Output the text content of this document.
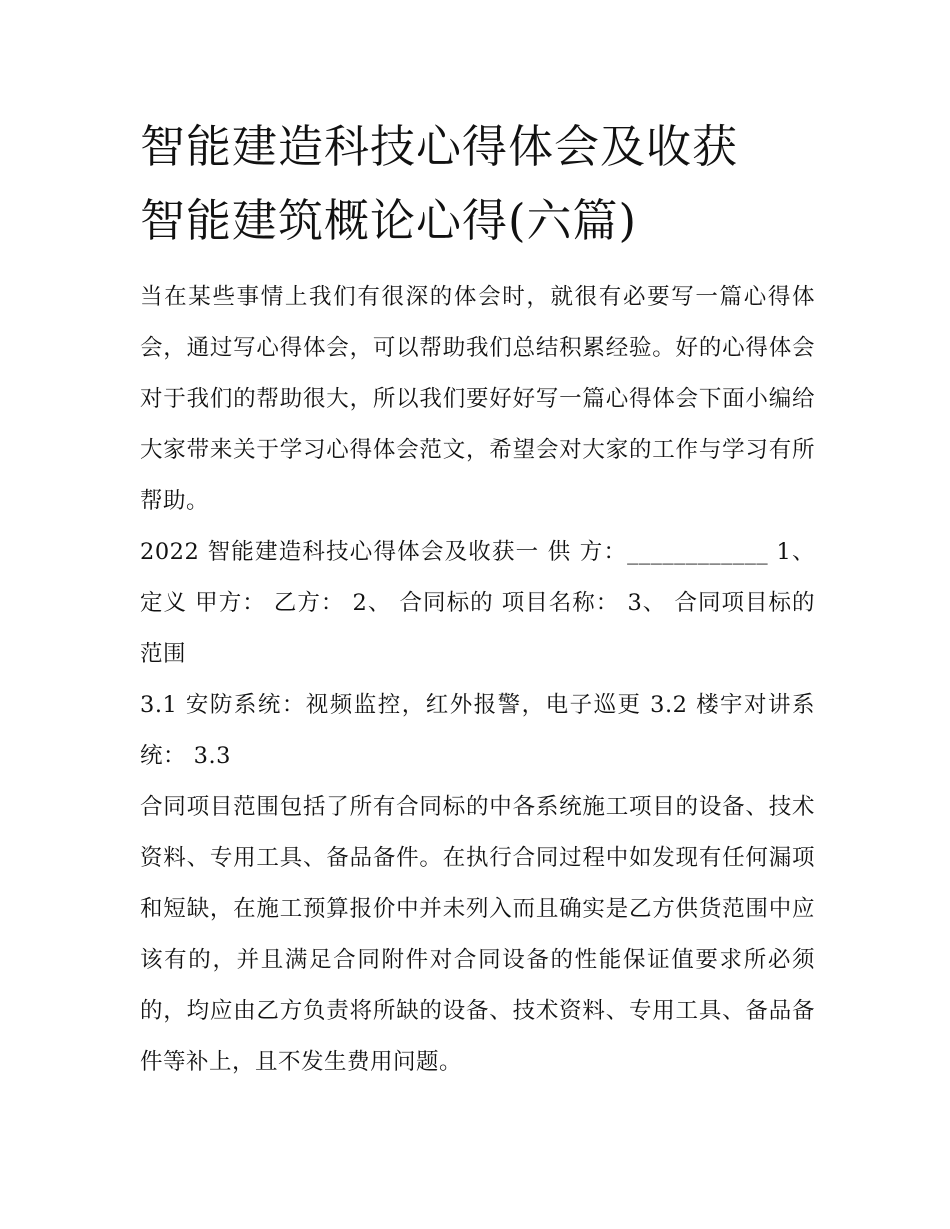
智能建造科技心得体会及收获
智能建筑概论心得(六篇)

当在某些事情上我们有很深的体会时，就很有必要写一篇心得体会，通过写心得体会，可以帮助我们总结积累经验。好的心得体会对于我们的帮助很大，所以我们要好好写一篇心得体会下面小编给大家带来关于学习心得体会范文，希望会对大家的工作与学习有所帮助。

2022 智能建造科技心得体会及收获一 供 方：____________ 1、定义 甲方： 乙方： 2、 合同标的 项目名称： 3、 合同项目标的范围

3.1 安防系统：视频监控，红外报警，电子巡更 3.2 楼宇对讲系统： 3.3

合同项目范围包括了所有合同标的中各系统施工项目的设备、技术资料、专用工具、备品备件。在执行合同过程中如发现有任何漏项和短缺，在施工预算报价中并未列入而且确实是乙方供货范围中应该有的，并且满足合同附件对合同设备的性能保证值要求所必须的，均应由乙方负责将所缺的设备、技术资料、专用工具、备品备件等补上，且不发生费用问题。
